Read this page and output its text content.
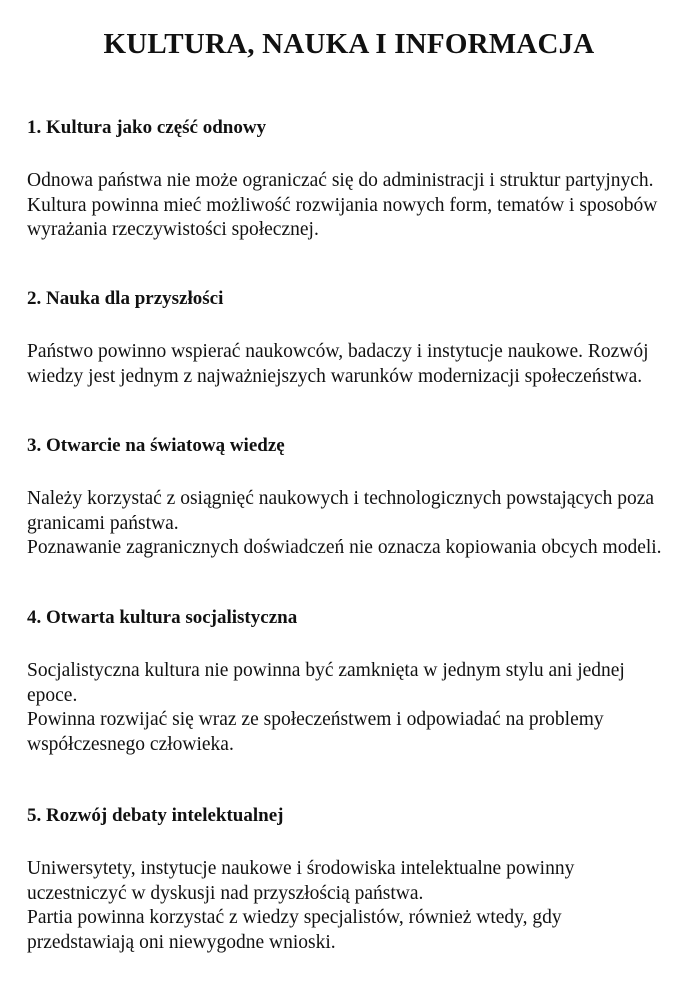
KULTURA, NAUKA I INFORMACJA
1. Kultura jako część odnowy

Odnowa państwa nie może ograniczać się do administracji i struktur partyjnych.

Kultura powinna mieć możliwość rozwijania nowych form, tematów i sposobów wyrażania rzeczywistości społecznej.

2. Nauka dla przyszłości

Państwo powinno wspierać naukowców, badaczy i instytucje naukowe. Rozwój wiedzy jest jednym z najważniejszych warunków modernizacji społeczeństwa.

3. Otwarcie na światową wiedzę

Należy korzystać z osiągnięć naukowych i technologicznych powstających poza granicami państwa.

Poznawanie zagranicznych doświadczeń nie oznacza kopiowania obcych modeli.

4. Otwarta kultura socjalistyczna

Socjalistyczna kultura nie powinna być zamknięta w jednym stylu ani jednej epoce.

Powinna rozwijać się wraz ze społeczeństwem i odpowiadać na problemy współczesnego człowieka.

5. Rozwój debaty intelektualnej

Uniwersytety, instytucje naukowe i środowiska intelektualne powinny uczestniczyć w dyskusji nad przyszłością państwa.

Partia powinna korzystać z wiedzy specjalistów, również wtedy, gdy przedstawiają oni niewygodne wnioski.
